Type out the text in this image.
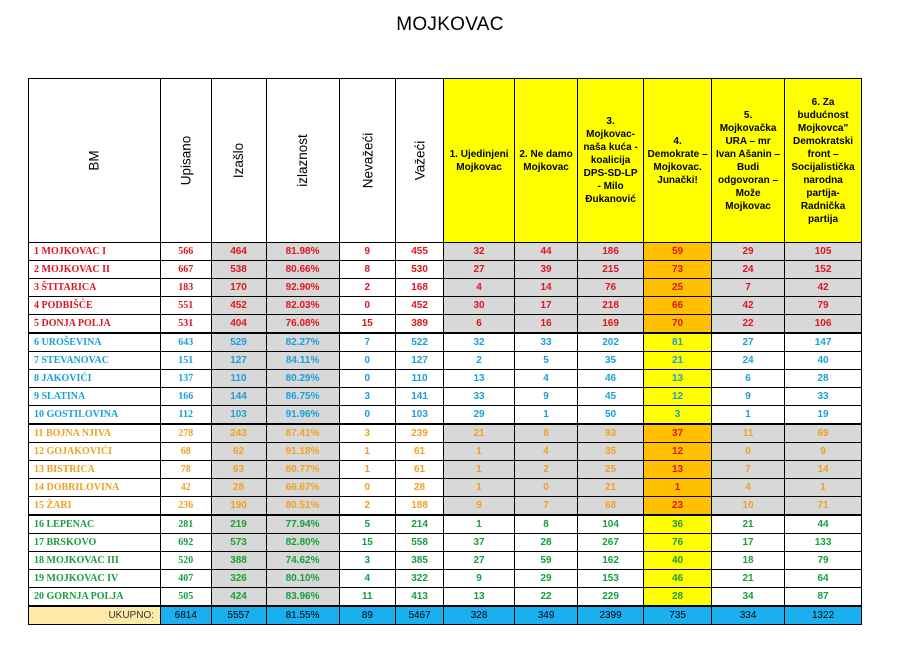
MOJKOVAC
BM	Upisano	Izašlo	izlaznost	Nevažeći	Važeći	1. Ujedinjeni Mojkovac	2. Ne damo Mojkovac	3. Mojkovac-naša kuća - koalicija DPS-SD-LP - Milo Đukanović	4. Demokrate – Mojkovac. Junački!	5. Mojkovačka URA – mr Ivan Ašanin – Budi odgovoran – Može Mojkovac	6. Za budućnost Mojkovca" Demokratski front – Socijalistička narodna partija- Radnička partija
1 MOJKOVAC I	566	464	81.98%	9	455	32	44	186	59	29	105
2 MOJKOVAC II	667	538	80.66%	8	530	27	39	215	73	24	152
3 ŠTITARICA	183	170	92.90%	2	168	4	14	76	25	7	42
4 PODBIŠĆE	551	452	82.03%	0	452	30	17	218	66	42	79
5 DONJA POLJA	531	404	76.08%	15	389	6	16	169	70	22	106
6 UROŠEVINA	643	529	82.27%	7	522	32	33	202	81	27	147
7 STEVANOVAC	151	127	84.11%	0	127	2	5	35	21	24	40
8 JAKOVIĆI	137	110	80.29%	0	110	13	4	46	13	6	28
9 SLATINA	166	144	86.75%	3	141	33	9	45	12	9	33
10 GOSTILOVINA	112	103	91.96%	0	103	29	1	50	3	1	19
11 BOJNA NJIVA	278	243	87.41%	3	239	21	8	93	37	11	69
12 GOJAKOVIĆI	68	62	91.18%	1	61	1	4	35	12	0	9
13 BISTRICA	78	63	80.77%	1	61	1	2	25	13	7	14
14 DOBRILOVINA	42	28	66.67%	0	28	1	0	21	1	4	1
15 ŽARI	236	190	80.51%	2	188	9	7	68	23	10	71
16 LEPENAC	281	219	77.94%	5	214	1	8	104	36	21	44
17 BRSKOVO	692	573	82.80%	15	558	37	28	267	76	17	133
18 MOJKOVAC III	520	388	74.62%	3	385	27	59	162	40	18	79
19 MOJKOVAC IV	407	326	80.10%	4	322	9	29	153	46	21	64
20 GORNJA POLJA	505	424	83.96%	11	413	13	22	229	28	34	87
UKUPNO:	6814	5557	81.55%	89	5467	328	349	2399	735	334	1322
